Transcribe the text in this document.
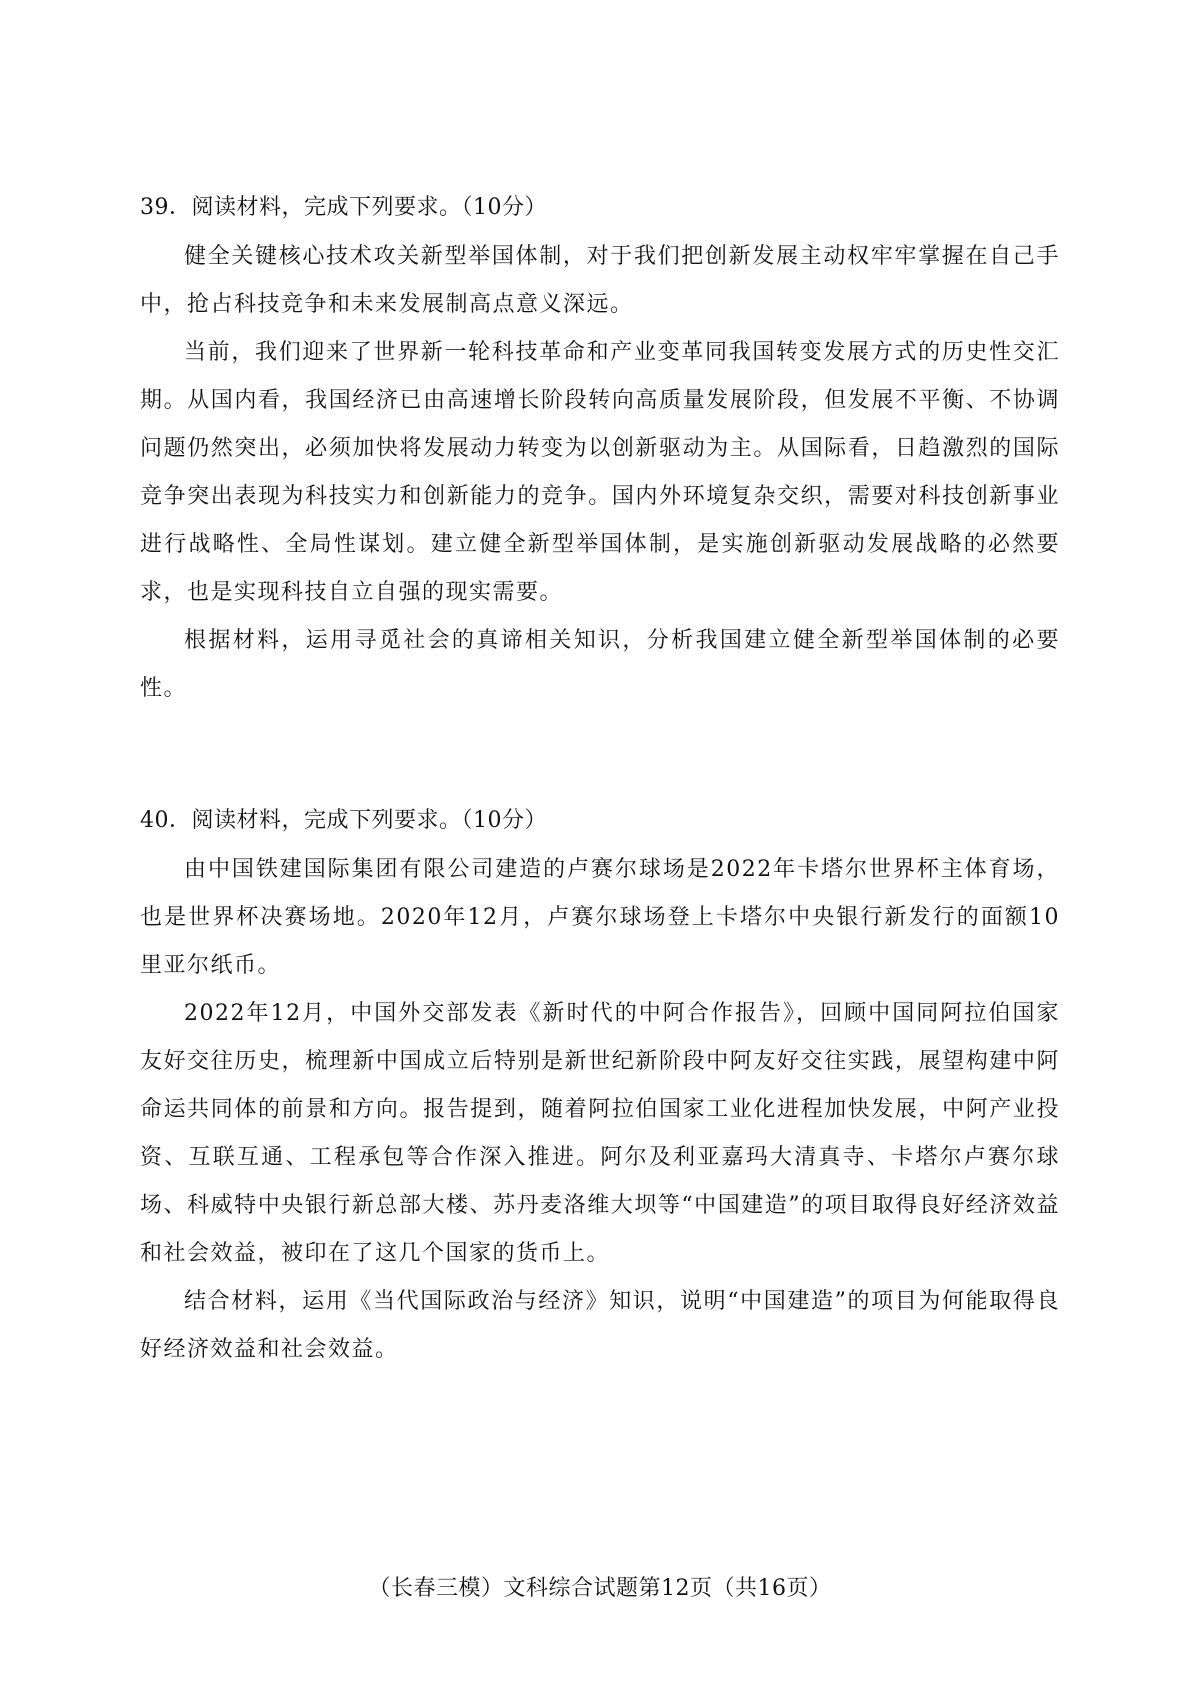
39．阅读材料，完成下列要求。（10分）

健全关键核心技术攻关新型举国体制，对于我们把创新发展主动权牢牢掌握在自己手中，抢占科技竞争和未来发展制高点意义深远。

当前，我们迎来了世界新一轮科技革命和产业变革同我国转变发展方式的历史性交汇期。从国内看，我国经济已由高速增长阶段转向高质量发展阶段，但发展不平衡、不协调问题仍然突出，必须加快将发展动力转变为以创新驱动为主。从国际看，日趋激烈的国际竞争突出表现为科技实力和创新能力的竞争。国内外环境复杂交织，需要对科技创新事业进行战略性、全局性谋划。建立健全新型举国体制，是实施创新驱动发展战略的必然要求，也是实现科技自立自强的现实需要。

根据材料，运用寻觅社会的真谛相关知识，分析我国建立健全新型举国体制的必要性。

40．阅读材料，完成下列要求。（10分）

由中国铁建国际集团有限公司建造的卢赛尔球场是2022年卡塔尔世界杯主体育场，也是世界杯决赛场地。2020年12月，卢赛尔球场登上卡塔尔中央银行新发行的面额10里亚尔纸币。

2022年12月，中国外交部发表《新时代的中阿合作报告》，回顾中国同阿拉伯国家友好交往历史，梳理新中国成立后特别是新世纪新阶段中阿友好交往实践，展望构建中阿命运共同体的前景和方向。报告提到，随着阿拉伯国家工业化进程加快发展，中阿产业投资、互联互通、工程承包等合作深入推进。阿尔及利亚嘉玛大清真寺、卡塔尔卢赛尔球场、科威特中央银行新总部大楼、苏丹麦洛维大坝等“中国建造”的项目取得良好经济效益和社会效益，被印在了这几个国家的货币上。

结合材料，运用《当代国际政治与经济》知识，说明“中国建造”的项目为何能取得良好经济效益和社会效益。

（长春三模）文科综合试题第12页（共16页）
